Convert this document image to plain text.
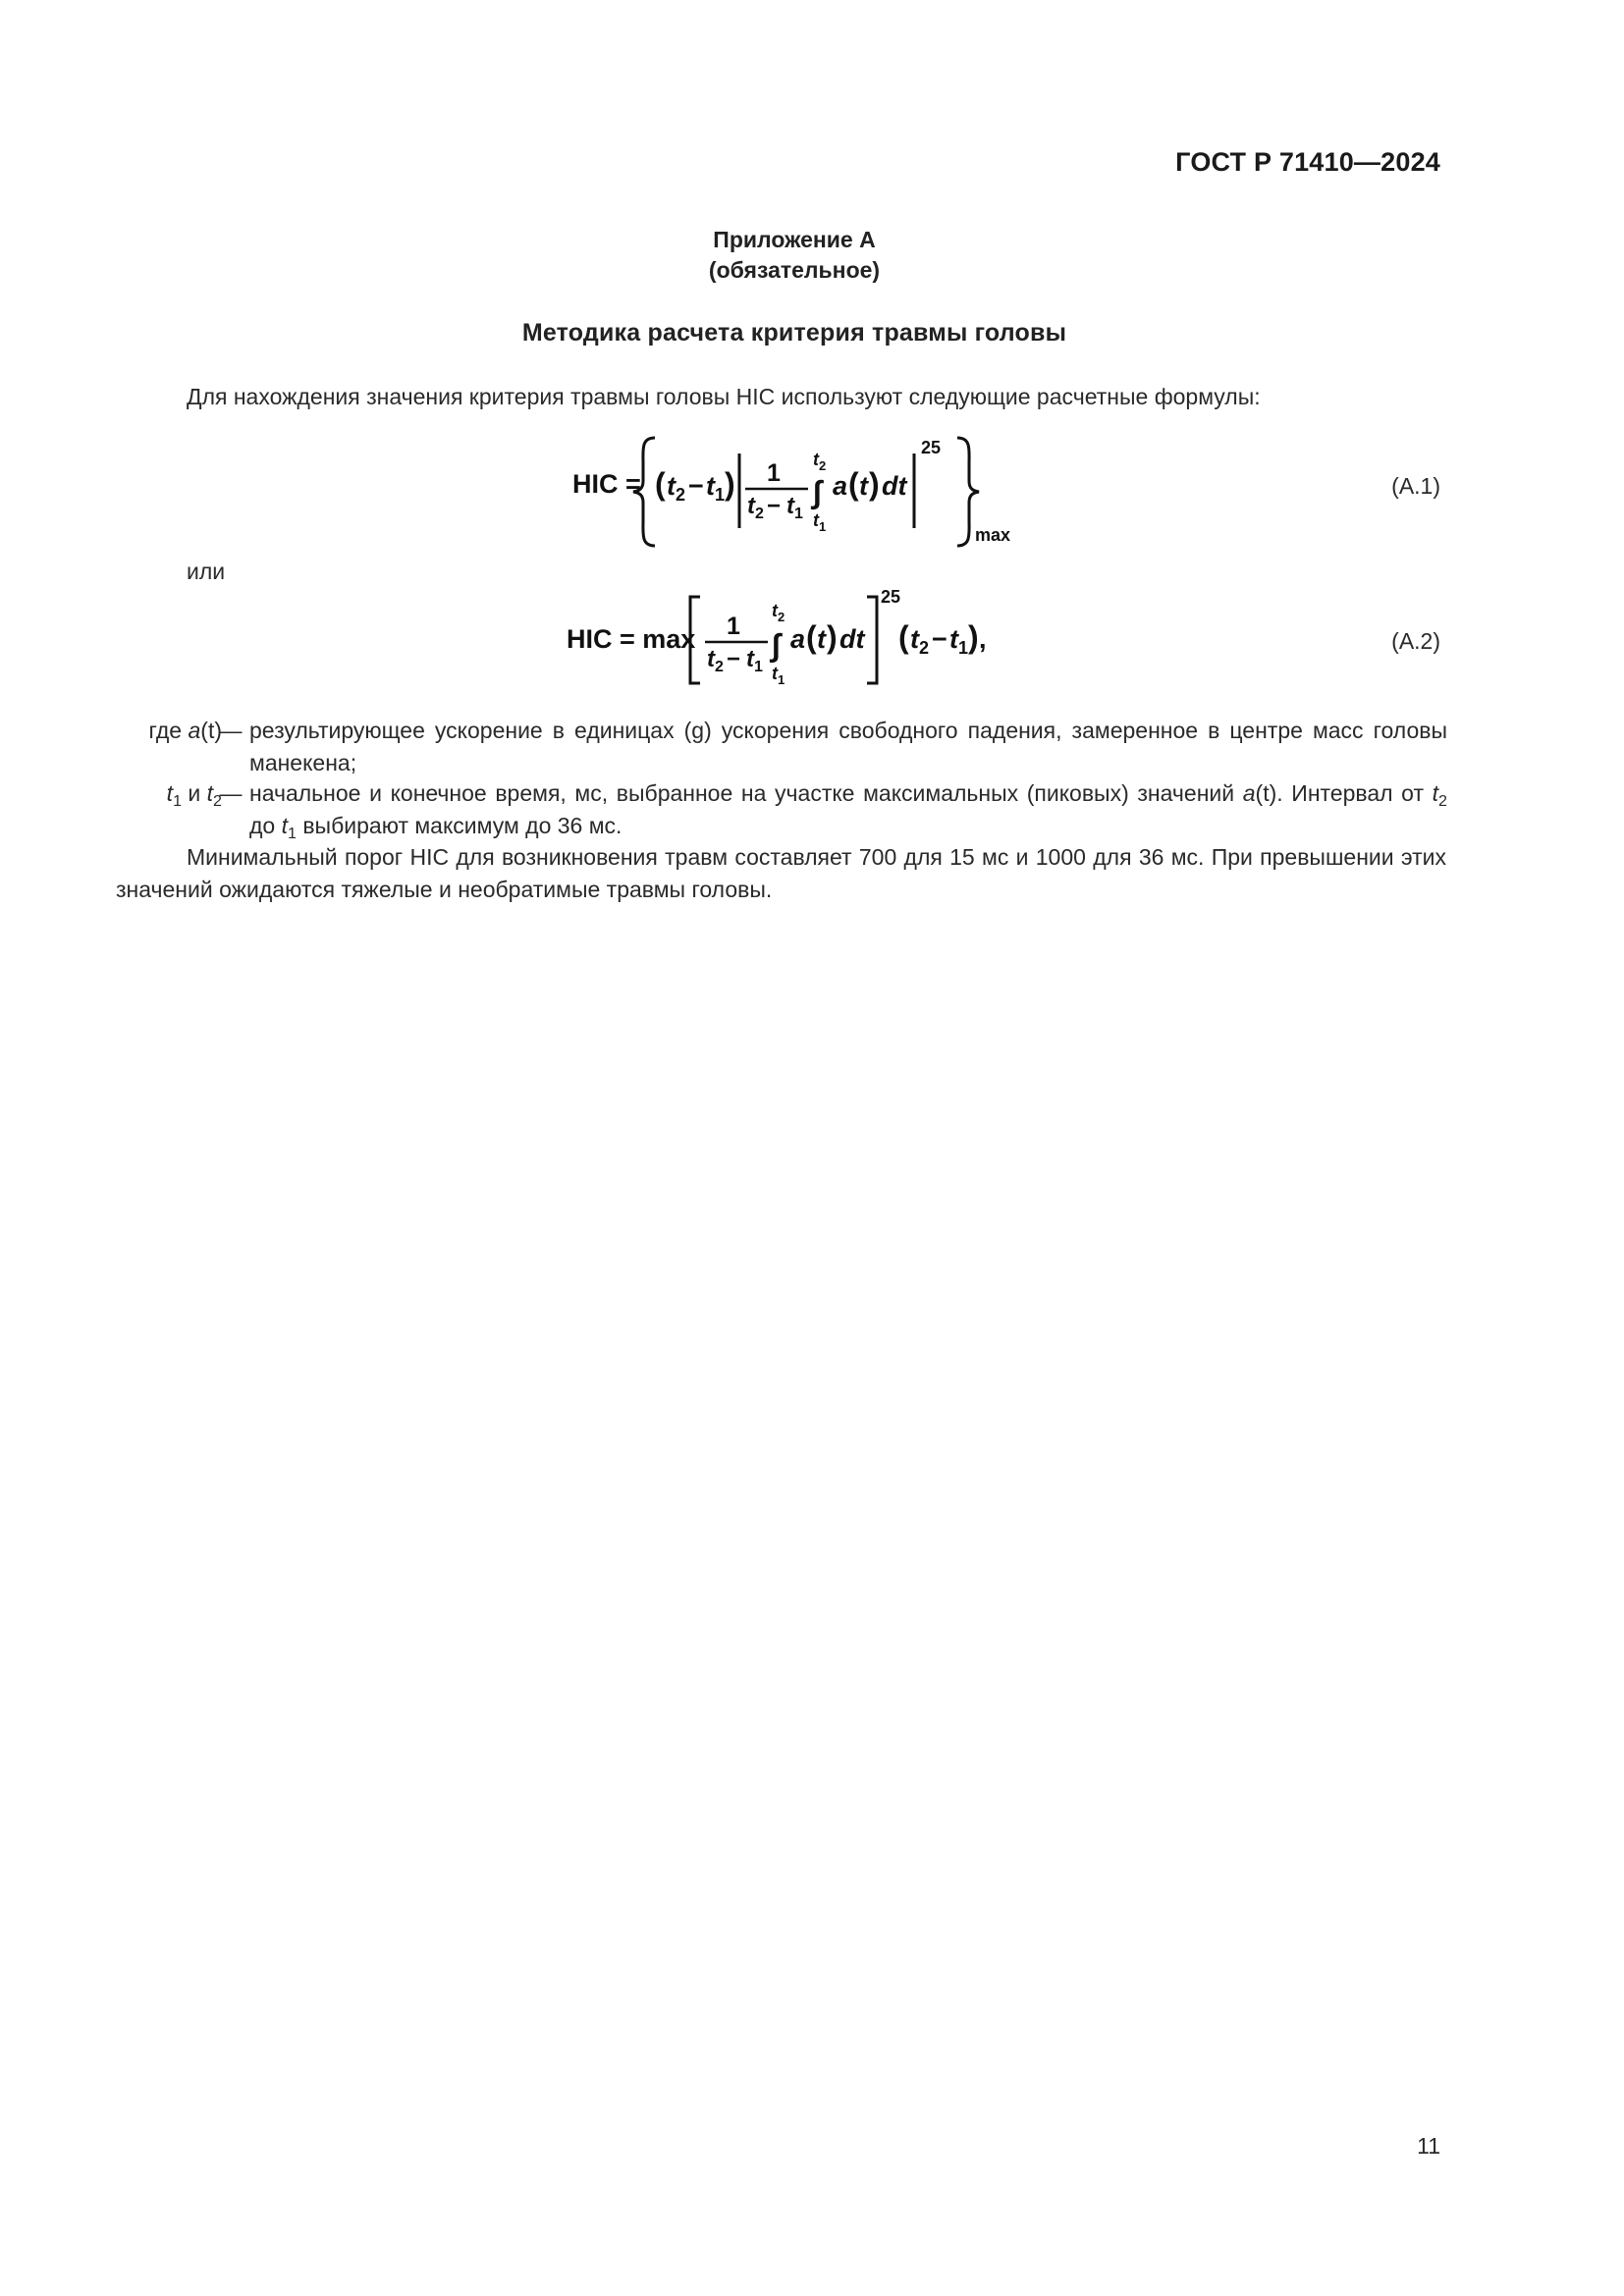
ГОСТ Р 71410—2024
Приложение А
(обязательное)
Методика расчета критерия травмы головы
Для нахождения значения критерия травмы головы HIC используют следующие расчетные формулы:
HIC = ( t 2 − t 1 ) 1
t 2 − t 1
t 2
∫
t 1
a ( t ) dt
25
max
(А.1)
или
HIC = max 1
t 2 − t 1
t 2
∫
t 1
a ( t ) dt
25
( t 2 − t 1 ) ,	(А.2)
где a(t)
— результирующее ускорение в единицах (g) ускорения свободного падения, замеренное в центре масс головы манекена;
$t_1$ и $t_2$
— начальное и конечное время, мс, выбранное на участке максимальных (пиковых) значений a(t). Интервал от $t_2$ до $t_1$ выбирают максимум до 36 мс.
Минимальный порог HIC для возникновения травм составляет 700 для 15 мс и 1000 для 36 мс. При превышении этих значений ожидаются тяжелые и необратимые травмы головы.
11
